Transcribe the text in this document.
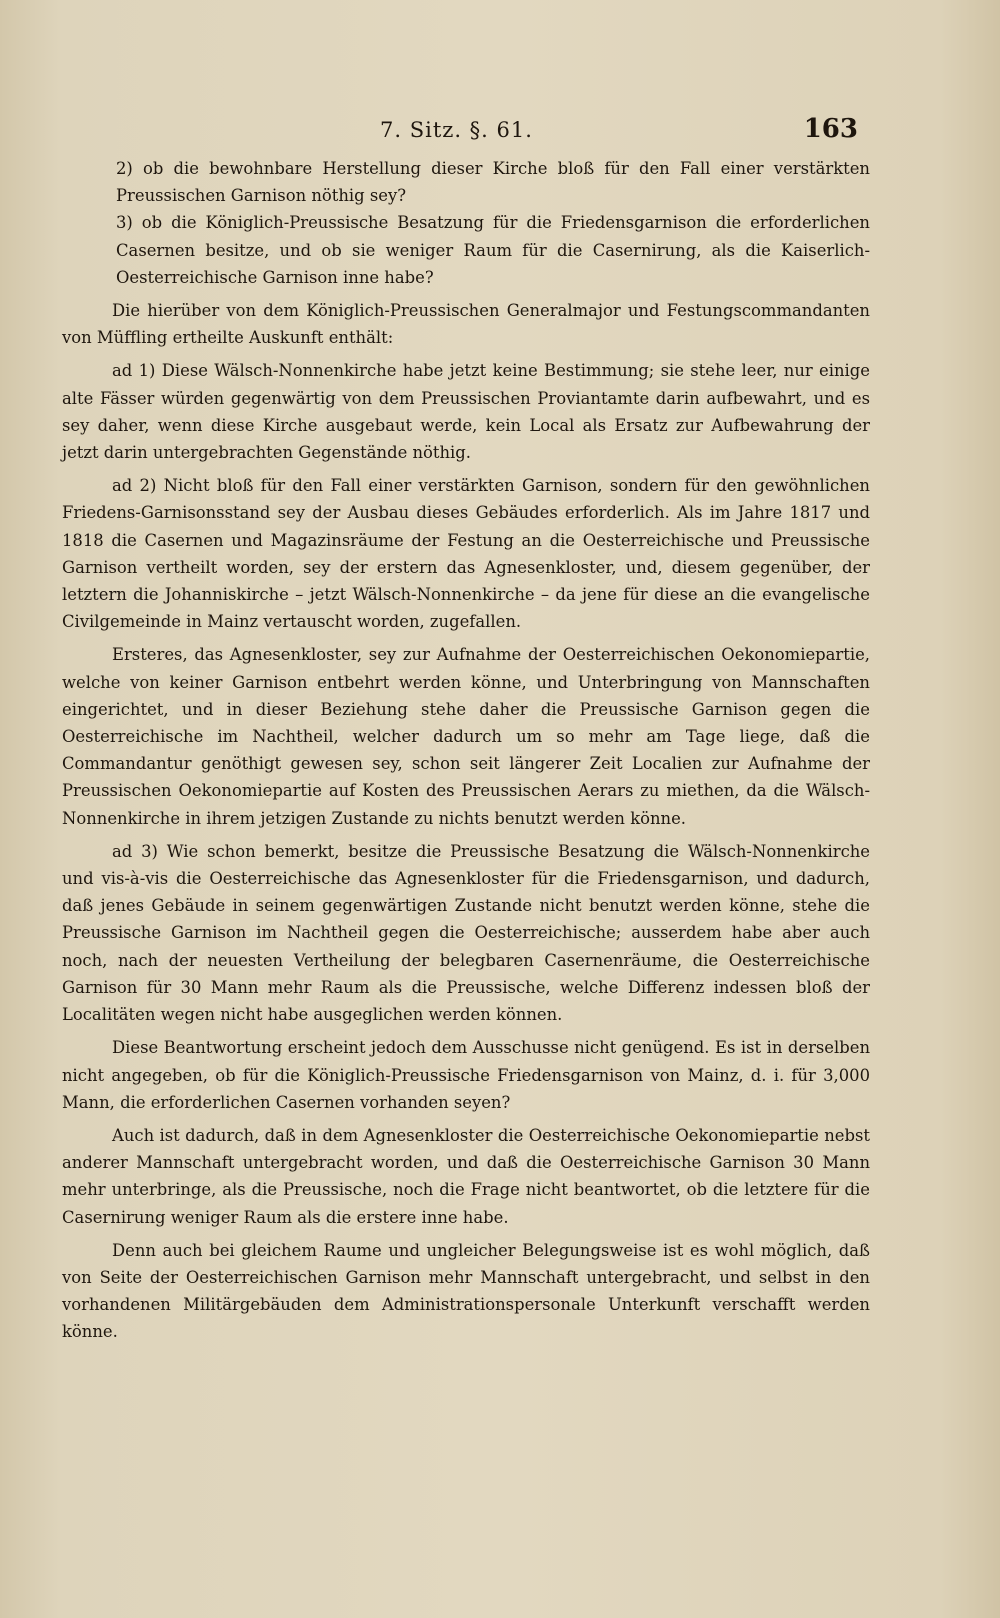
7. Sitz. §. 61.	163

2) ob die bewohnbare Herstellung dieser Kirche bloß für den Fall einer verstärkten Preussischen Garnison nöthig sey?

3) ob die Königlich-Preussische Besatzung für die Friedensgarnison die erforderlichen Casernen besitze, und ob sie weniger Raum für die Casernirung, als die Kaiserlich-Oesterreichische Garnison inne habe?

Die hierüber von dem Königlich-Preussischen Generalmajor und Festungscommandanten von Müffling ertheilte Auskunft enthält:

ad 1) Diese Wälsch-Nonnenkirche habe jetzt keine Bestimmung; sie stehe leer, nur einige alte Fässer würden gegenwärtig von dem Preussischen Proviantamte darin aufbewahrt, und es sey daher, wenn diese Kirche ausgebaut werde, kein Local als Ersatz zur Aufbewahrung der jetzt darin untergebrachten Gegenstände nöthig.

ad 2) Nicht bloß für den Fall einer verstärkten Garnison, sondern für den gewöhnlichen Friedens-Garnisonsstand sey der Ausbau dieses Gebäudes erforderlich. Als im Jahre 1817 und 1818 die Casernen und Magazinsräume der Festung an die Oesterreichische und Preussische Garnison vertheilt worden, sey der erstern das Agnesenkloster, und, diesem gegenüber, der letztern die Johanniskirche – jetzt Wälsch-Nonnenkirche – da jene für diese an die evangelische Civilgemeinde in Mainz vertauscht worden, zugefallen.

Ersteres, das Agnesenkloster, sey zur Aufnahme der Oesterreichischen Oekonomiepartie, welche von keiner Garnison entbehrt werden könne, und Unterbringung von Mannschaften eingerichtet, und in dieser Beziehung stehe daher die Preussische Garnison gegen die Oesterreichische im Nachtheil, welcher dadurch um so mehr am Tage liege, daß die Commandantur genöthigt gewesen sey, schon seit längerer Zeit Localien zur Aufnahme der Preussischen Oekonomiepartie auf Kosten des Preussischen Aerars zu miethen, da die Wälsch-Nonnenkirche in ihrem jetzigen Zustande zu nichts benutzt werden könne.

ad 3) Wie schon bemerkt, besitze die Preussische Besatzung die Wälsch-Nonnenkirche und vis-à-vis die Oesterreichische das Agnesenkloster für die Friedensgarnison, und dadurch, daß jenes Gebäude in seinem gegenwärtigen Zustande nicht benutzt werden könne, stehe die Preussische Garnison im Nachtheil gegen die Oesterreichische; ausserdem habe aber auch noch, nach der neuesten Vertheilung der belegbaren Casernenräume, die Oesterreichische Garnison für 30 Mann mehr Raum als die Preussische, welche Differenz indessen bloß der Localitäten wegen nicht habe ausgeglichen werden können.

Diese Beantwortung erscheint jedoch dem Ausschusse nicht genügend. Es ist in derselben nicht angegeben, ob für die Königlich-Preussische Friedensgarnison von Mainz, d. i. für 3,000 Mann, die erforderlichen Casernen vorhanden seyen?

Auch ist dadurch, daß in dem Agnesenkloster die Oesterreichische Oekonomiepartie nebst anderer Mannschaft untergebracht worden, und daß die Oesterreichische Garnison 30 Mann mehr unterbringe, als die Preussische, noch die Frage nicht beantwortet, ob die letztere für die Casernirung weniger Raum als die erstere inne habe.

Denn auch bei gleichem Raume und ungleicher Belegungsweise ist es wohl möglich, daß von Seite der Oesterreichischen Garnison mehr Mannschaft untergebracht, und selbst in den vorhandenen Militärgebäuden dem Administrationspersonale Unterkunft verschafft werden könne.
